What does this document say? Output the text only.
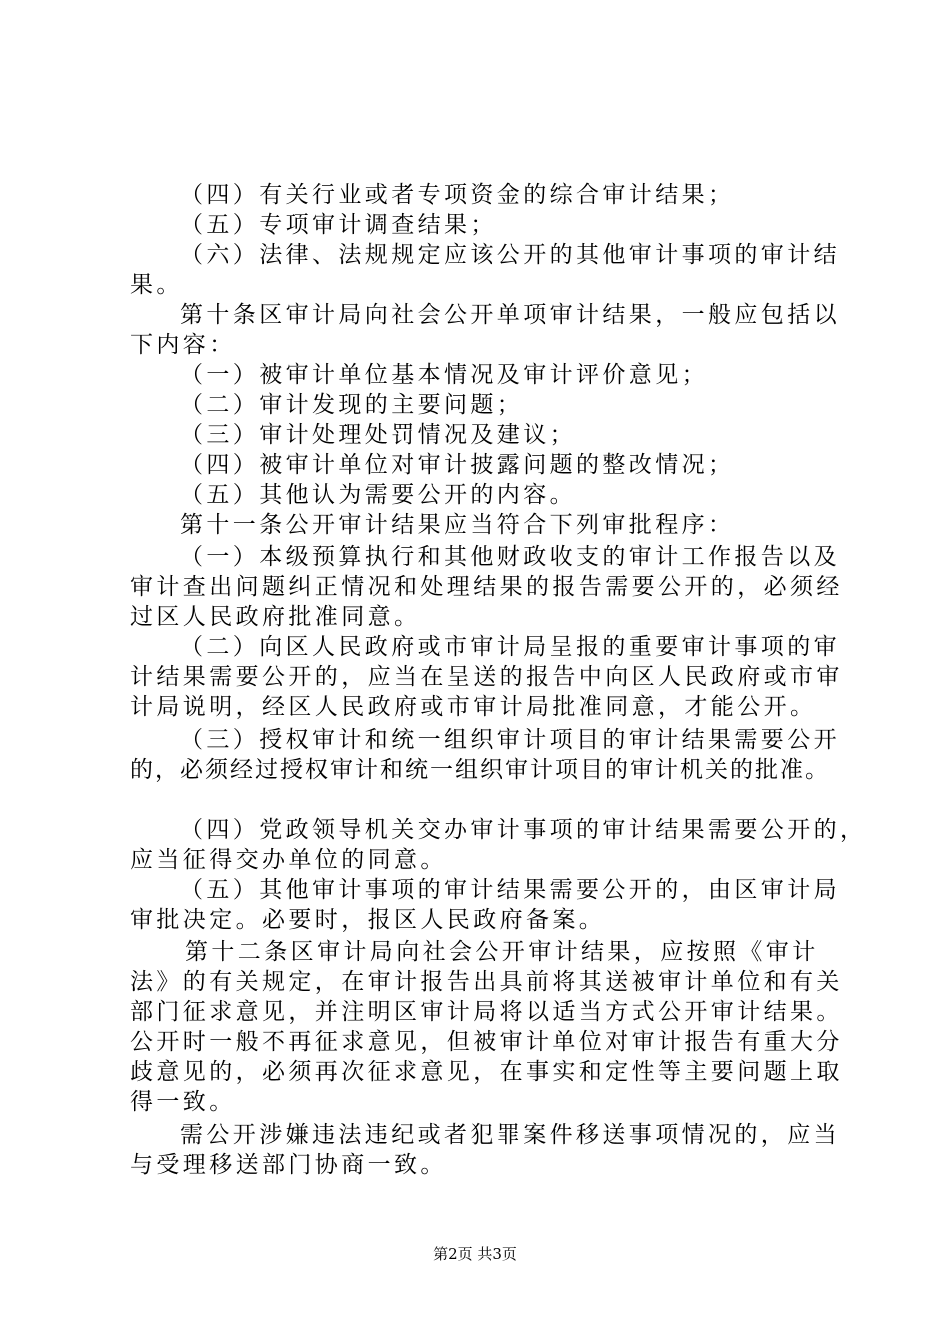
（四）有关行业或者专项资金的综合审计结果；
（五）专项审计调查结果；
（六）法律、法规规定应该公开的其他审计事项的审计结
果。
第十条区审计局向社会公开单项审计结果，一般应包括以
下内容：
（一）被审计单位基本情况及审计评价意见；
（二）审计发现的主要问题；
（三）审计处理处罚情况及建议；
（四）被审计单位对审计披露问题的整改情况；
（五）其他认为需要公开的内容。
第十一条公开审计结果应当符合下列审批程序：
（一）本级预算执行和其他财政收支的审计工作报告以及
审计查出问题纠正情况和处理结果的报告需要公开的，必须经
过区人民政府批准同意。
（二）向区人民政府或市审计局呈报的重要审计事项的审
计结果需要公开的，应当在呈送的报告中向区人民政府或市审
计局说明，经区人民政府或市审计局批准同意，才能公开。
（三）授权审计和统一组织审计项目的审计结果需要公开
的，必须经过授权审计和统一组织审计项目的审计机关的批准。
（四）党政领导机关交办审计事项的审计结果需要公开的，
应当征得交办单位的同意。
（五）其他审计事项的审计结果需要公开的，由区审计局
审批决定。必要时，报区人民政府备案。
第十二条区审计局向社会公开审计结果，应按照《审计
法》的有关规定，在审计报告出具前将其送被审计单位和有关
部门征求意见，并注明区审计局将以适当方式公开审计结果。
公开时一般不再征求意见，但被审计单位对审计报告有重大分
歧意见的，必须再次征求意见，在事实和定性等主要问题上取
得一致。
需公开涉嫌违法违纪或者犯罪案件移送事项情况的，应当
与受理移送部门协商一致。
第2页 共3页
